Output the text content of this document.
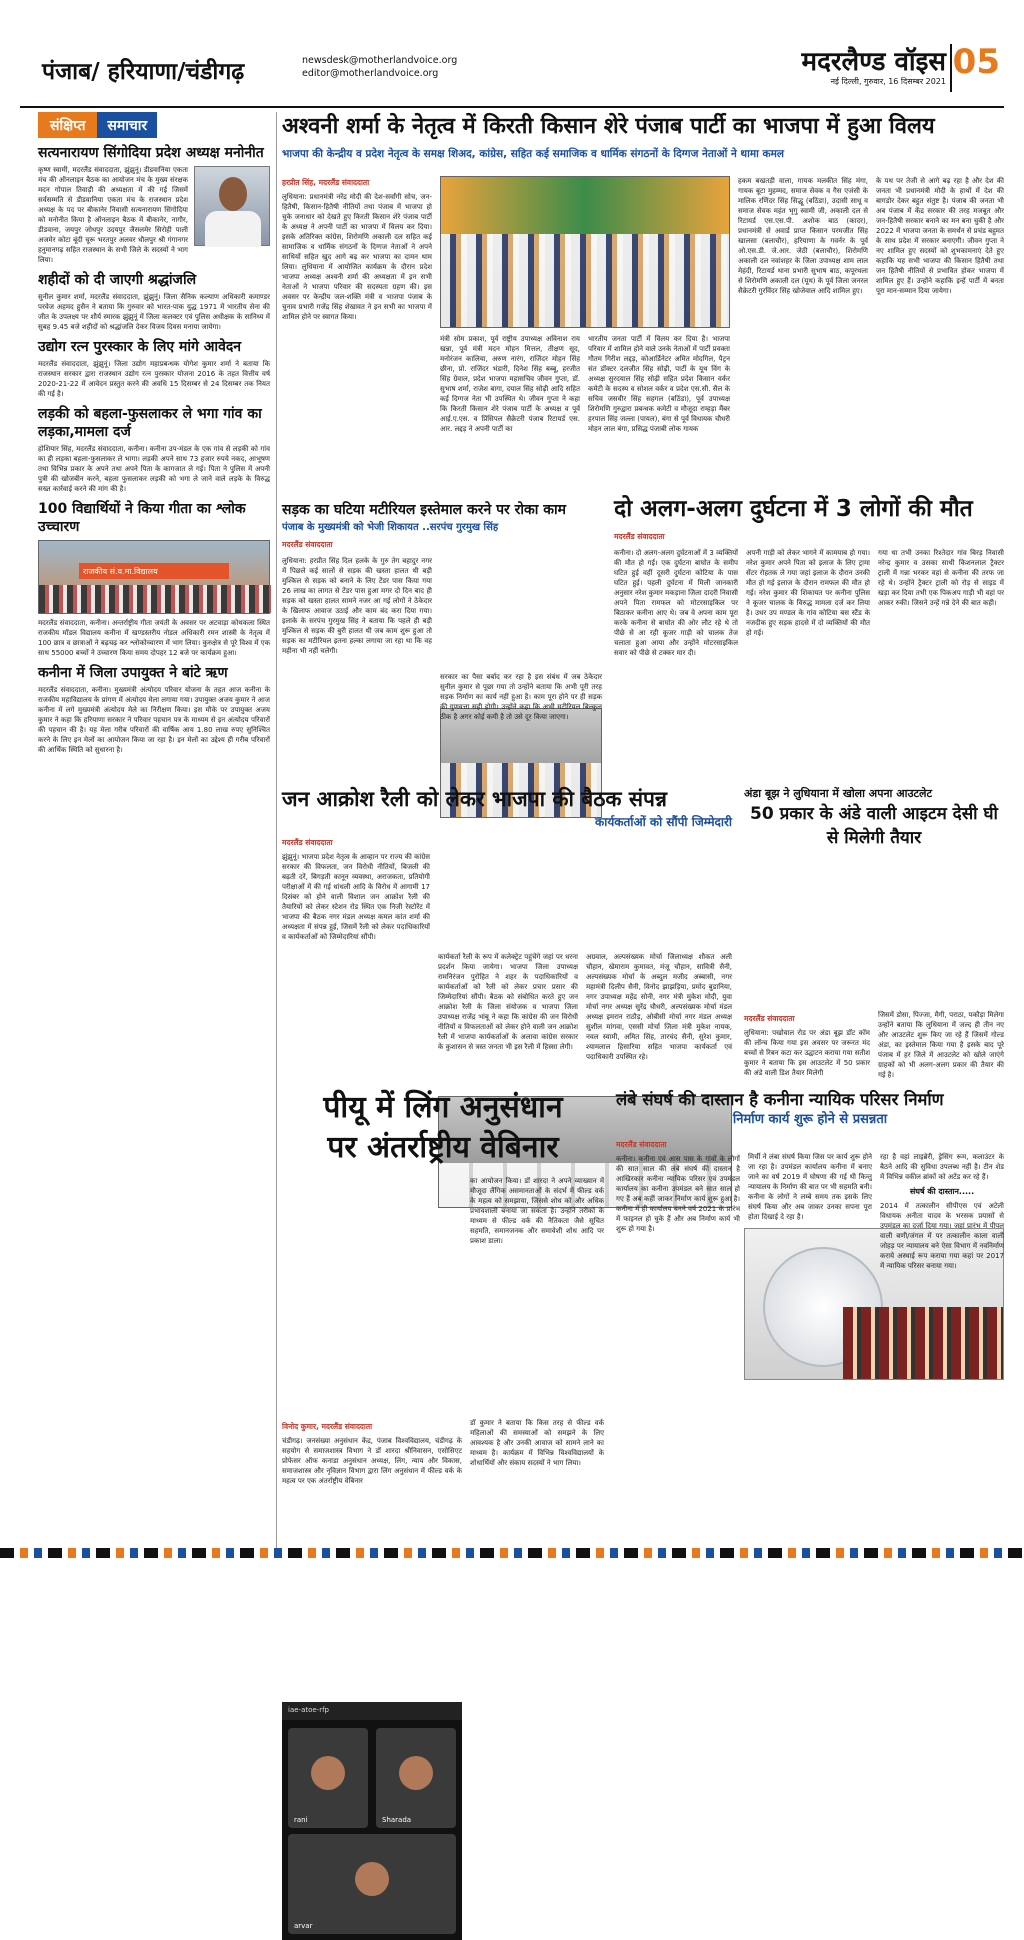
पंजाब/ हरियाणा/चंडीगढ़	newsdesk@motherlandvoice.org
editor@motherlandvoice.org	मदरलैण्ड वॉइस
नई दिल्ली, गुरुवार, 16 दिसम्बर 2021 05
संक्षिप्त	समाचार
सत्यनारायण सिंगोदिया प्रदेश अध्यक्ष मनोनीत
कृष्ण स्वामी, मदरलैंड संवाददाता, झुंझुनूं। डीडवानिया एकता मंच की ऑनलाइन बैठक का आयोजन मंच के मुख्य संरक्षक मदन गोपाल तिवाड़ी की अध्यक्षता में की गई जिसमें सर्वसम्मति से डीडवानिया एकता मंच के राजस्थान प्रदेश अध्यक्ष के पद पर बीकानेर निवासी सत्यनारायण सिंगोदिया को मनोनीत किया है ऑनलाइन बैठक में बीकानेर, नागौर, डीडवाना, जयपुर जोधपुर उदयपुर जैसलमेर सिरोही पाली अजमेर कोटा बूंदी चूरू भरतपुर अलवर धौलपुर श्री गंगानगर हनुमानगढ़ सहित राजस्थान के सभी जिले के सदस्यों ने भाग लिया।
शहीदों को दी जाएगी श्रद्धांजलि
सुनील कुमार शर्मा, मदरलैंड संवाददाता, झुंझुनूं। जिला सैनिक कल्याण अधिकारी कमाण्डर परवेज अहमद हुसैन ने बताया कि गुरुवार को भारत-पाक युद्ध 1971 में भारतीय सेना की जीत के उपलक्ष्य पर शौर्य स्मारक झुंझुनूं में जिला कलक्टर एवं पुलिस अधीक्षक के सानिध्य में सुबह 9.45 बजे शहीदों को श्रद्धांजलि देकर विजय दिवस मनाया जायेगा।
उद्योग रत्न पुरस्कार के लिए मांगे आवेदन
मदरलैंड संवाददाता, झुंझुनूं। जिला उद्योग महाप्रबन्धक योगेश कुमार शर्मा ने बताया कि राजस्थान सरकार द्वारा राजस्थान उद्योग रत्न पुरस्कार योजना 2016 के तहत वित्तीय वर्ष 2020-21-22 में आवेदन प्रस्तुत करने की अवधि 15 दिसम्बर से 24 दिसम्बर तक नियत की गई है।
लड़की को बहला-फुसलाकर ले भगा गांव का लड़का,मामला दर्ज
होशियार सिंह, मदरलैंड संवाददाता, कनीना। कनीना उप-मंडल के एक गांव से लड़की को गांव का ही लड़का बहला-फुसलाकर ले भागा। लड़की अपने साथ 73 हजार रुपये नकद, आभूषण तथा विभिन्न प्रकार के अपने तथा अपने पिता के कागजात ले गई। पिता ने पुलिस में अपनी पुत्री की खोजबीन करने, बहला फुसलाकर लड़की को भगा ले जाने वाले लड़के के विरुद्ध सख्त कार्रवाई करने की मांग की है।
100 विद्यार्थियों ने किया गीता का श्लोक उच्चारण
राजकीय सं.व.मा.विद्यालय
मदरलैंड संवाददाता, कनीना। अन्तर्राष्ट्रीय गीता जयंती के अवसर पर अटवाड़ा कोथकला स्थित राजकीय मॉडल विद्यालय कनीना में खण्डस्तरीय नोडल अधिकारी रमन शास्त्री के नेतृत्व में 100 छात्र व छात्राओं ने बढ़चढ़ कर श्लोकोच्चारण में भाग लिया। कुरुक्षेत्र से पूरे विश्व में एक साथ 55000 बच्चों ने उच्चारण किया समय दोपहर 12 बजे पर कार्यक्रम हुआ।
कनीना में जिला उपायुक्त ने बांटे ऋण
मदरलैंड संवाददाता, कनीना। मुख्यमंत्री अंत्योदय परिवार योजना के तहत आज कनीना के राजकीय महाविद्यालय के प्रांगण में अंत्योदय मेला लगाया गया। उपायुक्त अजय कुमार ने आज कनीना में लगे मुख्यमंत्री अंत्योदय मेले का निरीक्षण किया। इस मौके पर उपायुक्त अजय कुमार ने कहा कि हरियाणा सरकार ने परिवार पहचान पत्र के माध्यम से इन अंत्योदय परिवारों की पहचान की है। यह मेला गरीब परिवारों की वार्षिक आय 1.80 लाख रुपए सुनिश्चित करने के लिए इन मेलों का आयोजन किया जा रहा है। इन मेलों का उद्देश्य ही गरीब परिवारों की आर्थिक स्थिति को सुधारना है।
अश्वनी शर्मा के नेतृत्व में किरती किसान शेरे पंजाब पार्टी का भाजपा में हुआ विलय
भाजपा की केन्द्रीय व प्रदेश नेतृत्व के समक्ष शिअद, कांग्रेस, सहित कई समाजिक व धार्मिक संगठनों के दिग्गज नेताओं ने थामा कमल
हरप्रीत सिंह, मदरलैंड संवाददाता
लुधियाना: प्रधानमंत्री नरेंद्र मोदी की देश-सर्वांगी सोच, जन-हितैषी, किसान-हितैषी नीतियों तथा पंजाब में भाजपा हो चुके जनाधार को देखते हुए किरती किसान शेरे पंजाब पार्टी के अध्यक्ष ने अपनी पार्टी का भाजपा में विलय कर दिया। इसके अतिरिक्त कांग्रेस, शिरोमणि अकाली दल सहित कई सामाजिक व धार्मिक संगठनों के दिग्गज नेताओं ने अपने साथियों सहित खुद आगे बढ़ कर भाजपा का दामन थाम लिया। लुधियाना में आयोजित कार्यक्रम के दौरान प्रदेश भाजपा अध्यक्ष अश्वनी शर्मा की अध्यक्षता में इन सभी नेताओं ने भाजपा परिवार की सदस्यता ग्रहण की। इस अवसर पर केन्द्रीय जल-शक्ति मंत्री व भाजपा पंजाब के चुनाव प्रभारी गजेंद्र सिंह शेखावत ने इन सभी का भाजपा में शामिल होने पर स्वागत किया।
मंत्री सोम प्रकाश, पूर्व राष्ट्रीय उपाध्यक्ष अविनाश राय खन्ना, पूर्व मंत्री मदन मोहन मित्तल, तीक्षण सूद, मनोरंजन कालिया, अरुण नारंग, राजिंदर मोहन सिंह छीना, प्रो. राजिंदर भंडारी, दिनेश सिंह बब्बू, हरजीत सिंह ग्रेवाल, प्रदेश भाजपा महासचिव जीवन गुप्ता, डॉ. सुभाष शर्मा, राजेश बागा, दयाल सिंह सोढ़ी आदि सहित कई दिग्गज नेता भी उपस्थित थे। जीवन गुप्ता ने कहा कि किरती किसान शेरे पंजाब पार्टी के अध्यक्ष व पूर्व आई.ए.एस. व प्रिंसिपल सैक्रेटरी पंजाब रिटायर्ड एस. आर. लद्दड़ ने अपनी पार्टी का
भारतीय जनता पार्टी में विलय कर दिया है। भाजपा परिवार में शामिल होने वाले उनके नेताओं में पार्टी प्रवक्ता गौतम गिरीश लद्दड़, कोआर्डिनेटर अमित मोदगिल, पैट्रन संत डॉक्टर दलजीत सिंह सोढ़ी, पार्टी के यूथ विंग के अध्यक्ष सुरदयाल सिंह सोढ़ी सहित प्रदेश किसान वर्कर कमेटी के सदस्य व सोशल वर्कर व प्रदेश एस.सी. सैल के सचिव जसवीर सिंह सहगल (बठिंडा), पूर्व उपाध्यक्ष शिरोमणि गुरुद्वारा प्रबन्धक कमेटी व मौजूदा राम्हड़ा मैंबर हरपाल सिंह जल्ला (पायल), बंगा से पूर्व विधायक चौधरी मोहन लाल बंगा, प्रसिद्ध पंजाबी लोक गायक
हकम बखतड़ी वाला, गायक मलकीत सिंह मंगा, गायक बूटा मुहम्मद, समाज सेवक व गैस एजंसी के मालिक रणिंदर सिंह सिद्धू (बठिंडा), उदासी साधू व समाज सेवक महंत भृगु स्वामी जी, अकाली दल से रिटायर्ड एस.एस.पी. अशोक बाठ (कादर), प्रधानमंत्री से अवार्ड प्राप्त किसान परमजीत सिंह खालसा (बलाचौर), हरियाणा के गवर्नर के पूर्व ओ.एस.डी. जे.आर. जेठी (बलाचौर), शिरोमणि अकाली दल नवांशहर के जिला उपाध्यक्ष शाम लाल मेहंदी, रिटायर्ड थाना प्रभारी सुभाष बाठ, कपूरथला से शिरोमणि अकाली दल (यूथ) के पूर्व जिला जनरल सैक्रेटरी गुरविंदर सिंह खोजेवाल आदि शामिल हुए।
के पथ पर तेजी से आगे बढ़ रहा है और देश की जनता भी प्रधानमंत्री मोदी के हाथों में देश की बागडोर देकर बहुत संतुष्ट है। पंजाब की जनता भी अब पंजाब में केंद्र सरकार की तरह मजबूत और जन-हितैषी सरकार बनाने का मन बना चुकी है और 2022 में भाजपा जनता के समर्थन से प्रचंड बहुमत के साथ प्रदेश में सरकार बनाएगी। जीवन गुप्ता ने नए शामिल हुए सदस्यों को शुभकामनाएं देते हुए कहाकि यह सभी भाजपा की किसान हितैषी तथा जन हितैषी नीतियों से प्रभावित होकर भाजपा में शामिल हुए हैं। उन्होंने कहाकि इन्हें पार्टी में बनता पूरा मान-सम्मान दिया जायेगा।
सड़क का घटिया मटीरियल इस्तेमाल करने पर रोका काम
पंजाब के मुख्यमंत्री को भेजी शिकायत ..सरपंच गुरमुख सिंह
मदरलैंड संवाददाता
लुधियाना: हरप्रीत सिंह दिल हलके के गुरु तेग बहादुर नगर में पिछले कई सालों से सड़क की खस्ता हालत थी बड़ी मुश्किल से सड़क को बनाने के लिए टेंडर पास किया गया 26 लाख का लागत से टेंडर पास हुआ मगर दो दिन बाद ही सड़क को खस्ता हालत सामने नजर आ गई लोगों ने ठेकेदार के खिलाफ आवाज उठाई और काम बंद करा दिया गया। इलाके के सरपंच गुरमुख सिंह ने बताया कि पहले ही बड़ी मुश्किल से सड़क की बुरी हालत थी जब काम शुरू हुआ तो सड़क का मटीरियल इतना हल्का लगाया जा रहा था कि वह महीना भी नहीं चलेगी।
सरकार का पैसा बर्बाद कर रहा है इस संबंध में जब ठेकेदार सुनील कुमार से पूछा गया तो उन्होंने बताया कि अभी पूरी तरह सड़क निर्माण का कार्य नहीं हुआ है। काम पूरा होने पर ही सड़क की गुणवत्ता सही होगी। उन्होंने कहा कि अभी मटीरियल बिल्कुल ठीक है अगर कोई कमी है तो उसे दूर किया जाएगा।
दो अलग-अलग दुर्घटना में 3 लोगों की मौत
मदरलैंड संवाददाता
कनीना। दो अलग-अलग दुर्घटनाओं में 3 व्यक्तियों की मौत हो गई। एक दुर्घटना बाघोत के समीप घटित हुई वहीं दूसरी दुर्घटना कोटिया के पास घटित हुई। पहली दुर्घटना में मिली जानकारी अनुसार नरेश कुमार मकड़ाना जिला दादरी निवासी अपने पिता रामफल को मोटरसाइकिल पर बिठाकर कनीना आए थे। जब वे अपना काम पूरा करके कनीना से बाघोत की ओर लौट रहे थे तो पीछे से आ रही कूजर गाड़ी को चालक तेज चलाता हुआ आया और उन्होंने मोटरसाइकिल सवार को पीछे से टक्कर मार दी।
अपनी गाड़ी को लेकर भागने में कामयाब हो गया। नरेश कुमार अपने पिता को इलाज के लिए ट्रामा सेंटर रोहतक ले गया जहां इलाज के दौरान उनकी मौत हो गई इलाज के दौरान रामफल की मौत हो गई। नरेश कुमार की शिकायत पर कनीना पुलिस ने कूजर चालक के विरुद्ध मामला दर्ज कर लिया है। उधर उप मण्डल के गांव कोटिया बस स्टैंड के नजदीक हुए सड़क हादसे में दो व्यक्तियों की मौत हो गई।
गया था तभी उनका रिश्तेदार गांव बिरड़ निवासी नरेन्द्र कुमार व उसका साथी किशनलाल ट्रैक्टर ट्राली में गन्ना भरकर वहां से कनीना की तरफ जा रहे थे। उन्होंने ट्रैक्टर ट्राली को रोड़ से साइड में खड़ा कर दिया तभी एक पिकअप गाड़ी भी वहां पर आकर रुकी। जिसने उन्हें गन्ने देने की बात कही।
जन आक्रोश रैली को लेकर भाजपा की बैठक संपन्न
कार्यकर्ताओं को सौंपी जिम्मेदारी
मदरलैंड संवाददाता
झुंझुनूं। भाजपा प्रदेश नेतृत्व के आव्हान पर राज्य की कांग्रेस सरकार की विफलता, जन विरोधी नीतियों, बिजली की बढ़ती दरें, बिगड़ती कानून व्यवस्था, अराजकता, प्रतियोगी परीक्षाओं में की गई धांधली आदि के विरोध में आगामी 17 दिसंबर को होने वाली विशाल जन आक्रोश रैली की तैयारियों को लेकर स्टेशन रोड स्थित एक निजी रेस्टोरेंट में भाजपा की बैठक नगर मंडल अध्यक्ष कमल कांत शर्मा की अध्यक्षता में संपन्न हुई, जिसमें रैली को लेकर पदाधिकारियों व कार्यकर्ताओं को जिम्मेदारियां सौंपी।
कार्यकर्ता रैली के रूप में कलेक्ट्रेट पहुंचेंगे जहां पर धरना प्रदर्शन किया जायेगा। भाजपा जिला उपाध्यक्ष रामनिरंजन पुरोहित ने शहर के पदाधिकारियों व कार्यकर्ताओं को रैली को लेकर प्रचार प्रसार की जिम्मेदारियां सौंपी। बैठक को संबोधित करते हुए जन आक्रोश रैली के जिला संयोजक व भाजपा जिला उपाध्यक्ष राजेंद्र भांबू ने कहा कि कांग्रेस की जन विरोधी नीतियों व विफलताओं को लेकर होने वाली जन आक्रोश रैली में भाजपा कार्यकर्ताओं के अलावा कांग्रेस सरकार के कुशासन से त्रस्त जनता भी इस रैली में हिस्सा लेगी।
अग्रवाल, अल्पसंख्यक मोर्चा जिलाध्यक्ष शौकत अली चौहान, खेमाराम कुमावत, मंजू चौहान, सावित्री सैनी, अल्पसंख्यक मोर्चा के अब्दुल मजीद अब्बासी, नगर महामंत्री दिलीप सैनी, विनोद झाझड़िया, प्रमोद बुडानिया, नगर उपाध्यक्ष महेंद्र सोनी, नगर मंत्री मुकेश मोदी, युवा मोर्चा नगर अध्यक्ष सुरेंद्र चौधरी, अल्पसंख्यक मोर्चा मंडल अध्यक्ष इमरान राठौड़, ओबीसी मोर्चा नगर मंडल अध्यक्ष सुशील मांगवा, एससी मोर्चा जिला मंत्री मुकेश नायक, नवल स्वामी, अमित सिंह, तारचंद सैनी, सुरेश कुमार, श्यामलाल हिसारिया सहित भाजपा कार्यकर्ता एवं पदाधिकारी उपस्थित रहे।
अंडा बूझ ने लुधियाना में खोला अपना आउटलेट
50 प्रकार के अंडे वाली आइटम देसी घी से मिलेगी तैयार
मदरलैंड संवाददाता
लुधियाना: पखोवाल रोड पर अंडा बूझ डॉट कॉम की लॉन्च किया गया इस अवसर पर जरूरत मंद बच्चों से रिबन कटा कर उद्घाटन कराया गया सतीश कुमार ने बताया कि इस आउटलेट में 50 प्रकार की अंडे वाली डिश तैयार मिलेगी
जिसमें डोसा, पिज्जा, मैगी, पराठा, पकौड़ा मिलेगा उन्होंने बताया कि लुधियाना में जल्द ही तीन नए और आउटलेट शुरू किए जा रहे हैं जिसमें गोल्ड अंडा, का इस्तेमाल किया गया है इसके बाद पूरे पंजाब में हर जिले में आउटलेट को खोले जाएंगे ग्राहकों को भी अलग-अलग प्रकार की तैयार की गई है।
पीयू में लिंग अनुसंधान
पर अंतर्राष्ट्रीय वेबिनार
iae-atoe-rfp
rani	Sharada
arvar
का आयोजन किया। डॉ शारदा ने अपने व्याख्यान में मौजूदा लैंगिक असमानताओं के संदर्भ में फील्ड वर्क के महत्व को समझाया, जिससे शोध को और अधिक प्रभावशाली बनाया जा सकता है। उन्होंने तरीकों के माध्यम से फील्ड वर्क की नैतिकता जैसे सूचित सहमति, समानजनक और समावेशी शोध आदि पर प्रकाश डाला।
विनोद कुमार, मदरलैंड संवाददाता
चंडीगढ़। जनसंख्या अनुसंधान केंद्र, पंजाब विश्वविद्यालय, चंडीगढ़ के सहयोग से समाजशास्त्र विभाग ने डॉ शारदा श्रीनिवासन, एसोसिएट प्रोफेसर ऑफ कनाडा अनुसंधान अध्यक्ष, लिंग, न्याय और विकास, समाजशास्त्र और नृविज्ञान विभाग द्वारा लिंग अनुसंधान में फील्ड वर्क के महत्व पर एक अंतर्राष्ट्रीय वेबिनार
डॉ कुमार ने बताया कि किस तरह से फील्ड वर्क महिलाओं की समस्याओं को समझने के लिए आवश्यक है और उनकी आवाज को सामने लाने का माध्यम है। कार्यक्रम में विभिन्न विश्वविद्यालयों के शोधार्थियों और संकाय सदस्यों ने भाग लिया।
लंबे संघर्ष की दास्तान है कनीना न्यायिक परिसर निर्माण
निर्माण कार्य शुरू होने से प्रसन्नता
मदरलैंड संवाददाता
कनीना। कनीना एवं आस पास के गांवों के लोगों की सात साल की लंबे संघर्ष की दास्तान है आखिरकार कनीना न्यायिक परिसर एवं उपमंडल कार्यालय का कनीना उपमंडल बने सात साल हो गए हैं अब कहीं जाकर निर्माण कार्य शुरू हुआ है। कनीना में ही कार्यालय बनने वर्ष 2021 के प्रारंभ में फाइनल हो चुके हैं और अब निर्माण कार्य भी शुरू हो गया है।
मिर्ची ने लंबा संघर्ष किया जिस पर कार्य शुरू होने जा रहा है। उपमंडल कार्यालय कनीना में बनाए जाने का वर्ष 2019 में घोषणा की गई थी किन्तु न्यायालय के निर्माण की बात पर भी सहमति बनी। कनीना के लोगों ने लम्बे समय तक इसके लिए संघर्ष किया और अब जाकर उनका सपना पूरा होता दिखाई दे रहा है।
रहा है वहां लाइब्रेरी, ड्रेसिंग रूम, कलाउंटर के बैठने आदि की सुविधा उपलब्ध नहीं है। टीन शेड में विभिन्न वकील ब्रांकों को अटेंड कर रहे हैं।
संघर्ष की दास्तान.....
2014 में तत्कालीन सीपीएस एवं अटेली विधायक अनीता यादव के भरसक प्रयासों से उपमंडल का दर्जा दिया गया। जहां प्रारंभ में पीपल वाली बणी/जंगल में पर तत्कालीन काला वाली जोहड़ पर न्यायालय बने ऐसा विभाग में नवनिर्माण कराये अस्थाई रूप कराया गया कहां पर 2017 में न्यायिक परिसर बनाया गया।
